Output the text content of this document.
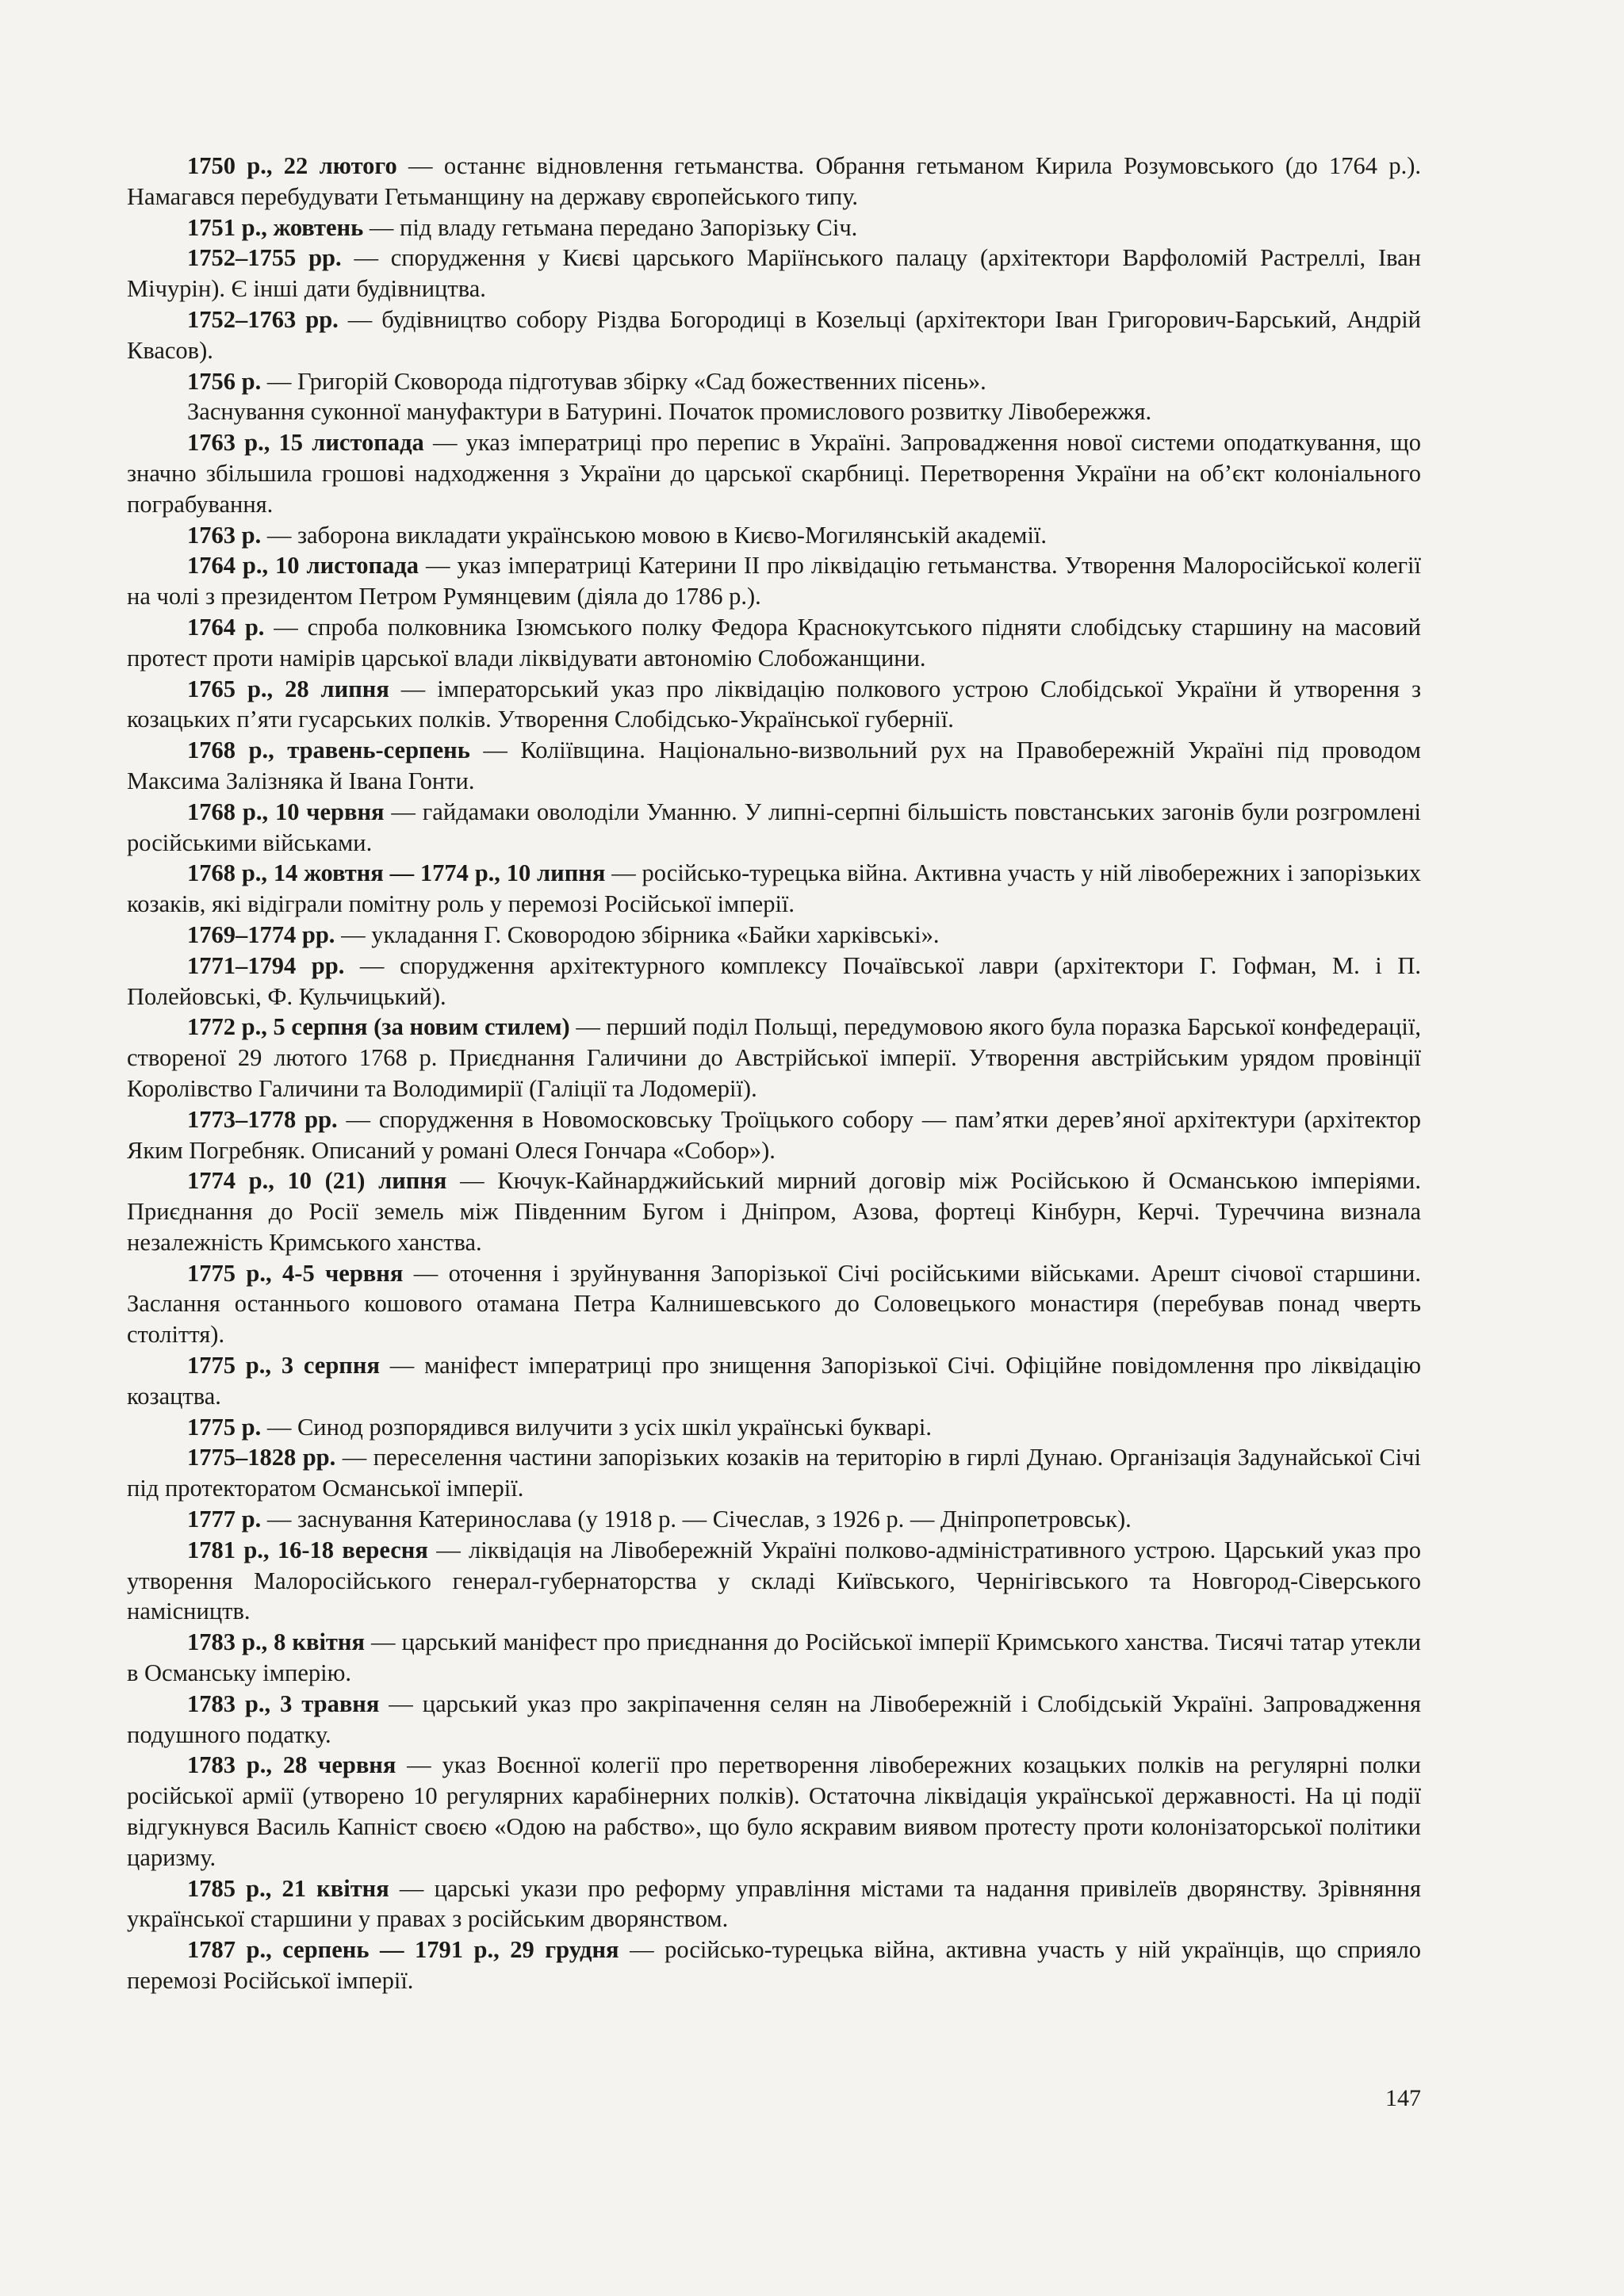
1750 р., 22 лютого — останнє відновлення гетьманства. Обрання гетьманом Кирила Розумовського (до 1764 р.). Намагався перебудувати Гетьманщину на державу європейського типу.

1751 р., жовтень — під владу гетьмана передано Запорізьку Січ.

1752–1755 рр. — спорудження у Києві царського Маріїнського палацу (архітектори Варфоломій Растреллі, Іван Мічурін). Є інші дати будівництва.

1752–1763 рр. — будівництво собору Різдва Богородиці в Козельці (архітектори Іван Григорович-Барський, Андрій Квасов).

1756 р. — Григорій Сковорода підготував збірку «Сад божественних пісень».

Заснування суконної мануфактури в Батурині. Початок промислового розвитку Лівобережжя.

1763 р., 15 листопада — указ імператриці про перепис в Україні. Запровадження нової системи оподаткування, що значно збільшила грошові надходження з України до царської скарбниці. Перетворення України на об’єкт колоніального пограбування.

1763 р. — заборона викладати українською мовою в Києво-Могилянській академії.

1764 р., 10 листопада — указ імператриці Катерини II про ліквідацію гетьманства. Утворення Малоросійської колегії на чолі з президентом Петром Румянцевим (діяла до 1786 р.).

1764 р. — спроба полковника Ізюмського полку Федора Краснокутського підняти слобідську старшину на масовий протест проти намірів царської влади ліквідувати автономію Слобожанщини.

1765 р., 28 липня — імператорський указ про ліквідацію полкового устрою Слобідської України й утворення з козацьких п’яти гусарських полків. Утворення Слобідсько-Української губернії.

1768 р., травень-серпень — Коліївщина. Національно-визвольний рух на Правобережній Україні під проводом Максима Залізняка й Івана Гонти.

1768 р., 10 червня — гайдамаки оволоділи Уманню. У липні-серпні більшість повстанських загонів були розгромлені російськими військами.

1768 р., 14 жовтня — 1774 р., 10 липня — російсько-турецька війна. Активна участь у ній лівобережних і запорізьких козаків, які відіграли помітну роль у перемозі Російської імперії.

1769–1774 рр. — укладання Г. Сковородою збірника «Байки харківські».

1771–1794 рр. — спорудження архітектурного комплексу Почаївської лаври (архітектори Г. Гофман, М. і П. Полейовські, Ф. Кульчицький).

1772 р., 5 серпня (за новим стилем) — перший поділ Польщі, передумовою якого була поразка Барської конфедерації, створеної 29 лютого 1768 р. Приєднання Галичини до Австрійської імперії. Утворення австрійським урядом провінції Королівство Галичини та Володимирії (Галіції та Лодомерії).

1773–1778 рр. — спорудження в Новомосковську Троїцького собору — пам’ятки дерев’яної архітектури (архітектор Яким Погребняк. Описаний у романі Олеся Гончара «Собор»).

1774 р., 10 (21) липня — Кючук-Кайнарджийський мирний договір між Російською й Османською імперіями. Приєднання до Росії земель між Південним Бугом і Дніпром, Азова, фортеці Кінбурн, Керчі. Туреччина визнала незалежність Кримського ханства.

1775 р., 4-5 червня — оточення і зруйнування Запорізької Січі російськими військами. Арешт січової старшини. Заслання останнього кошового отамана Петра Калнишевського до Соловецького монастиря (перебував понад чверть століття).

1775 р., 3 серпня — маніфест імператриці про знищення Запорізької Січі. Офіційне повідомлення про ліквідацію козацтва.

1775 р. — Синод розпорядився вилучити з усіх шкіл українські букварі.

1775–1828 рр. — переселення частини запорізьких козаків на територію в гирлі Дунаю. Організація Задунайської Січі під протекторатом Османської імперії.

1777 р. — заснування Катеринослава (у 1918 р. — Січеслав, з 1926 р. — Дніпропетровськ).

1781 р., 16-18 вересня — ліквідація на Лівобережній Україні полково-адміністративного устрою. Царський указ про утворення Малоросійського генерал-губернаторства у складі Київського, Чернігівського та Новгород-Сіверського намісництв.

1783 р., 8 квітня — царський маніфест про приєднання до Російської імперії Кримського ханства. Тисячі татар утекли в Османську імперію.

1783 р., 3 травня — царський указ про закріпачення селян на Лівобережній і Слобідській Україні. Запровадження подушного податку.

1783 р., 28 червня — указ Воєнної колегії про перетворення лівобережних козацьких полків на регулярні полки російської армії (утворено 10 регулярних карабінерних полків). Остаточна ліквідація української державності. На ці події відгукнувся Василь Капніст своєю «Одою на рабство», що було яскравим виявом протесту проти колонізаторської політики царизму.

1785 р., 21 квітня — царські укази про реформу управління містами та надання привілеїв дворянству. Зрівняння української старшини у правах з російським дворянством.

1787 р., серпень — 1791 р., 29 грудня — російсько-турецька війна, активна участь у ній українців, що сприяло перемозі Російської імперії.

147
